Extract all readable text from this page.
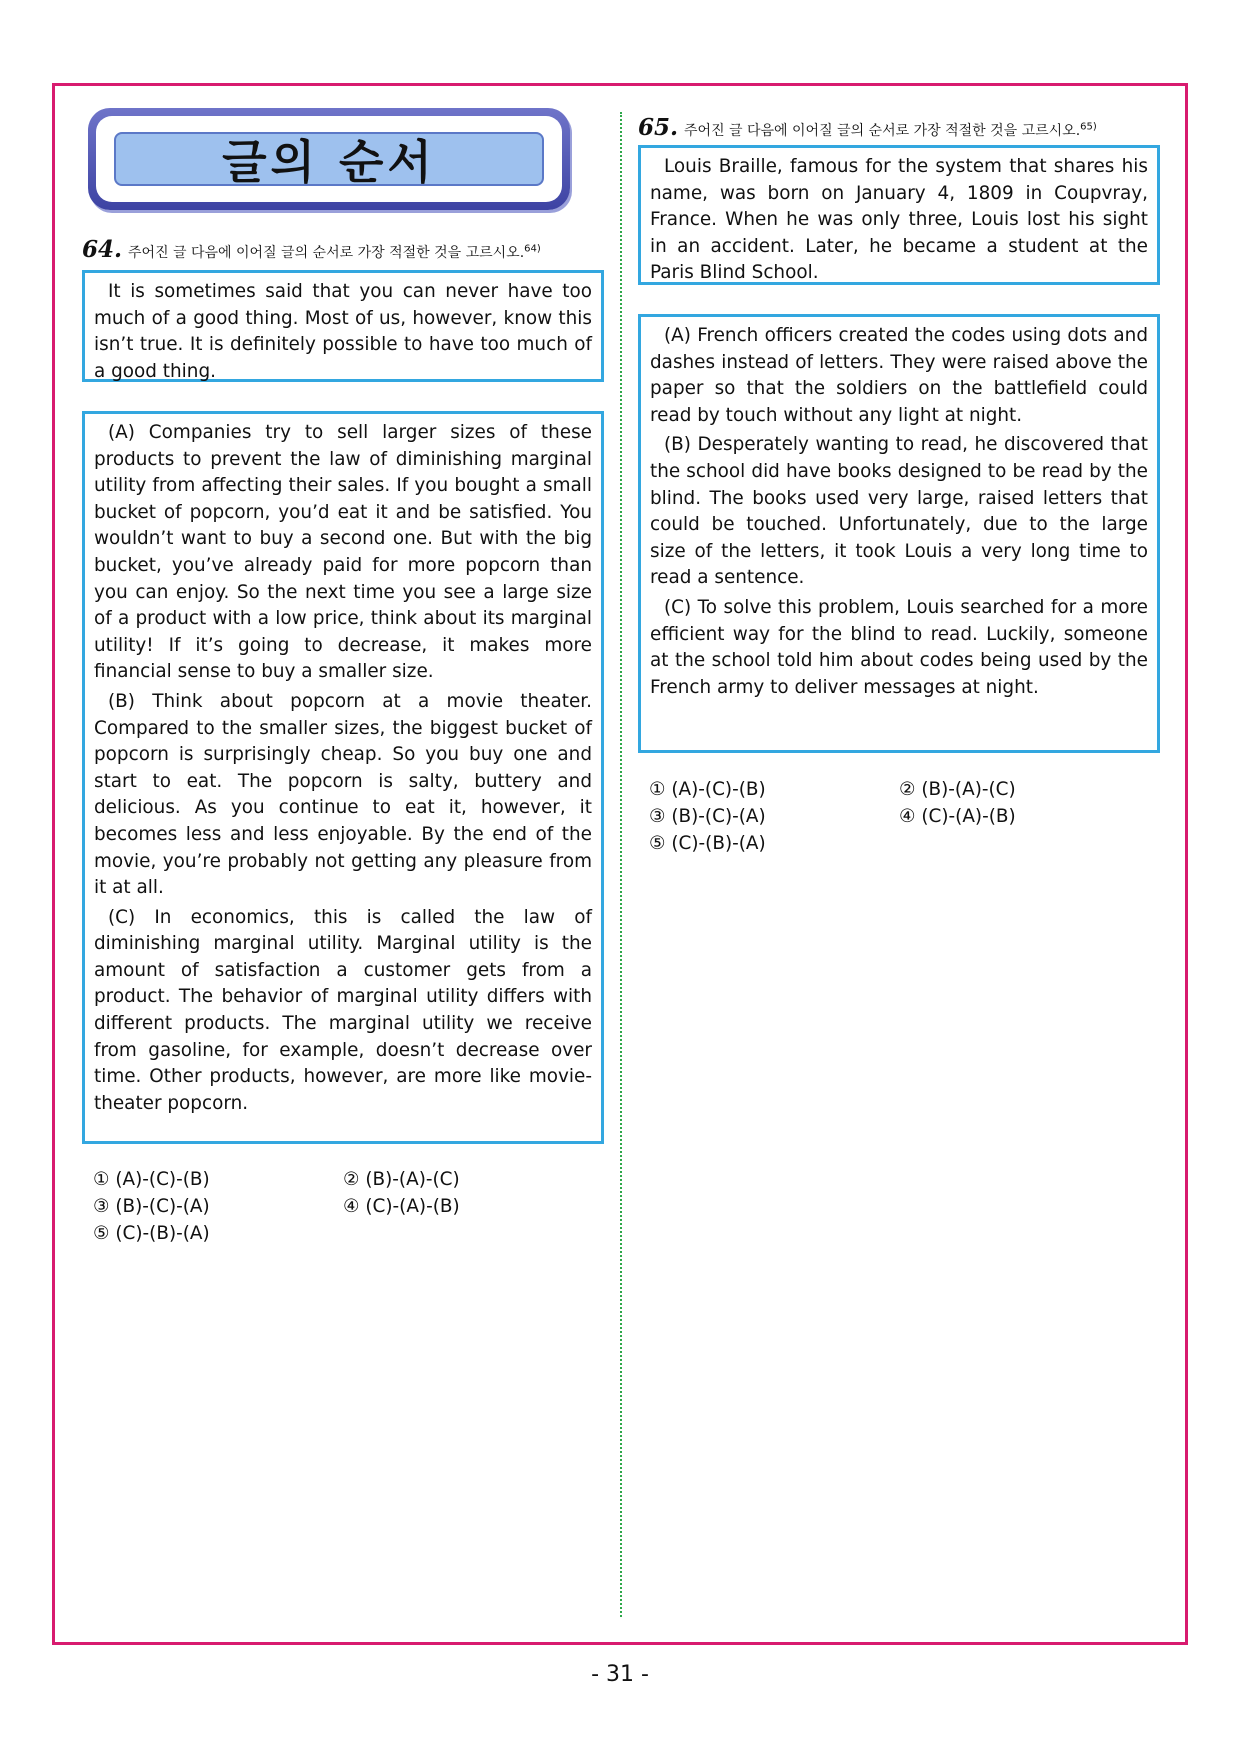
글의 순서
64. 주어진 글 다음에 이어질 글의 순서로 가장 적절한 것을 고르시오.$^{64)}$

It is sometimes said that you can never have too much of a good thing. Most of us, however, know this isn’t true. It is definitely possible to have too much of a good thing.

(A) Companies try to sell larger sizes of these products to prevent the law of diminishing marginal utility from affecting their sales. If you bought a small bucket of popcorn, you’d eat it and be satisfied. You wouldn’t want to buy a second one. But with the big bucket, you’ve already paid for more popcorn than you can enjoy. So the next time you see a large size of a product with a low price, think about its marginal utility! If it’s going to decrease, it makes more financial sense to buy a smaller size.

(B) Think about popcorn at a movie theater. Compared to the smaller sizes, the biggest bucket of popcorn is surprisingly cheap. So you buy one and start to eat. The popcorn is salty, buttery and delicious. As you continue to eat it, however, it becomes less and less enjoyable. By the end of the movie, you’re probably not getting any pleasure from it at all.

(C) In economics, this is called the law of diminishing marginal utility. Marginal utility is the amount of satisfaction a customer gets from a product. The behavior of marginal utility differs with different products. The marginal utility we receive from gasoline, for example, doesn’t decrease over time. Other products, however, are more like movie-theater popcorn.

① (A)-(C)-(B)	② (B)-(A)-(C)
③ (B)-(C)-(A)	④ (C)-(A)-(B)
⑤ (C)-(B)-(A)
65. 주어진 글 다음에 이어질 글의 순서로 가장 적절한 것을 고르시오.$^{65)}$

Louis Braille, famous for the system that shares his name, was born on January 4, 1809 in Coupvray, France. When he was only three, Louis lost his sight in an accident. Later, he became a student at the Paris Blind School.

(A) French officers created the codes using dots and dashes instead of letters. They were raised above the paper so that the soldiers on the battlefield could read by touch without any light at night.

(B) Desperately wanting to read, he discovered that the school did have books designed to be read by the blind. The books used very large, raised letters that could be touched. Unfortunately, due to the large size of the letters, it took Louis a very long time to read a sentence.

(C) To solve this problem, Louis searched for a more efficient way for the blind to read. Luckily, someone at the school told him about codes being used by the French army to deliver messages at night.

① (A)-(C)-(B)	② (B)-(A)-(C)
③ (B)-(C)-(A)	④ (C)-(A)-(B)
⑤ (C)-(B)-(A)
- 31 -
